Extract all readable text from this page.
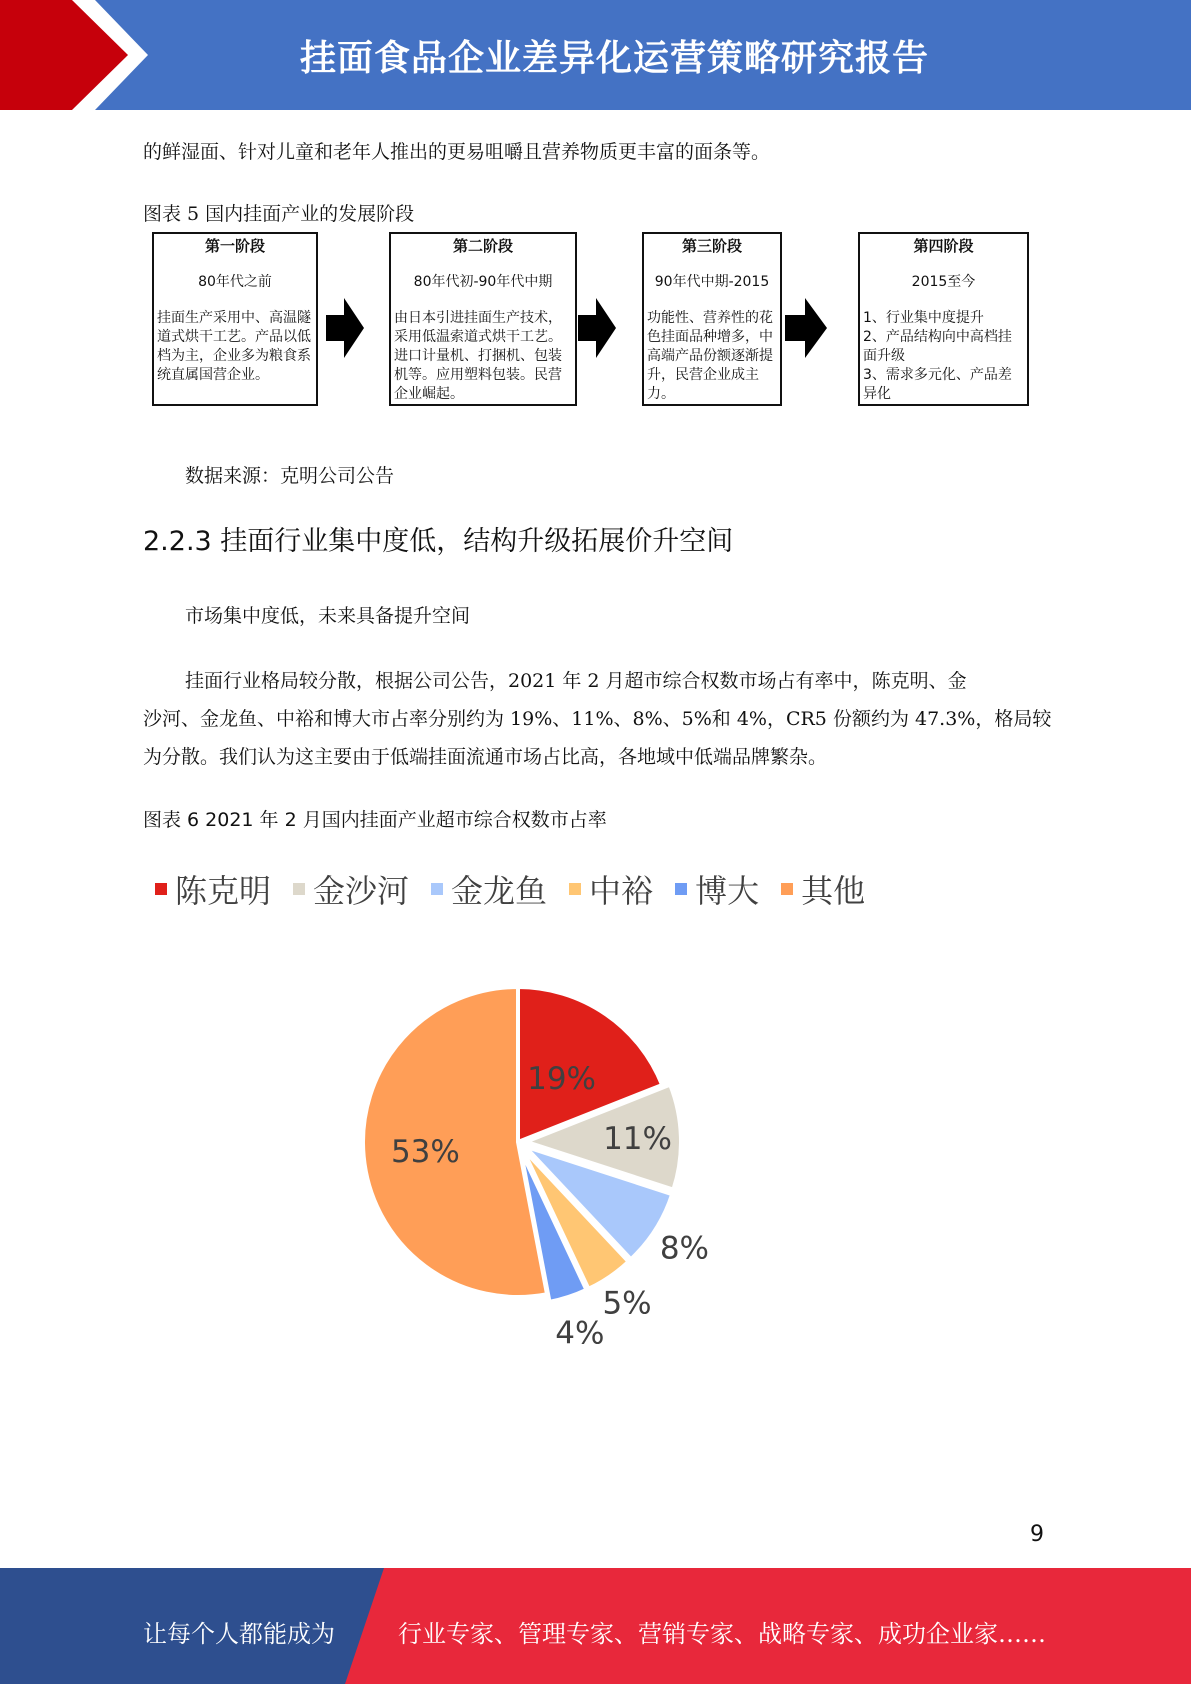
挂面食品企业差异化运营策略研究报告
的鲜湿面、针对儿童和老年人推出的更易咀嚼且营养物质更丰富的面条等。
图表 5 国内挂面产业的发展阶段
第一阶段
80年代之前
挂面生产采用中、高温隧道式烘干工艺。产品以低档为主，企业多为粮食系统直属国营企业。
第二阶段
80年代初-90年代中期
由日本引进挂面生产技术，采用低温索道式烘干工艺。进口计量机、打捆机、包装机等。应用塑料包装。民营企业崛起。
第三阶段
90年代中期-2015
功能性、营养性的花色挂面品种增多，中高端产品份额逐渐提升，民营企业成主力。
第四阶段
2015至今
1、行业集中度提升
2、产品结构向中高档挂面升级
3、需求多元化、产品差异化
数据来源：克明公司公告
2.2.3 挂面行业集中度低，结构升级拓展价升空间
市场集中度低，未来具备提升空间
挂面行业格局较分散，根据公司公告，2021 年 2 月超市综合权数市场占有率中，陈克明、金
沙河、金龙鱼、中裕和博大市占率分别约为 19%、11%、8%、5%和 4%，CR5 份额约为 47.3%，格局较
为分散。我们认为这主要由于低端挂面流通市场占比高，各地域中低端品牌繁杂。
图表 6 2021 年 2 月国内挂面产业超市综合权数市占率
陈克明 金沙河 金龙鱼 中裕 博大 其他
19%
11%
8%
5%
4%
53%
9
让每个人都能成为	行业专家、管理专家、营销专家、战略专家、成功企业家……
